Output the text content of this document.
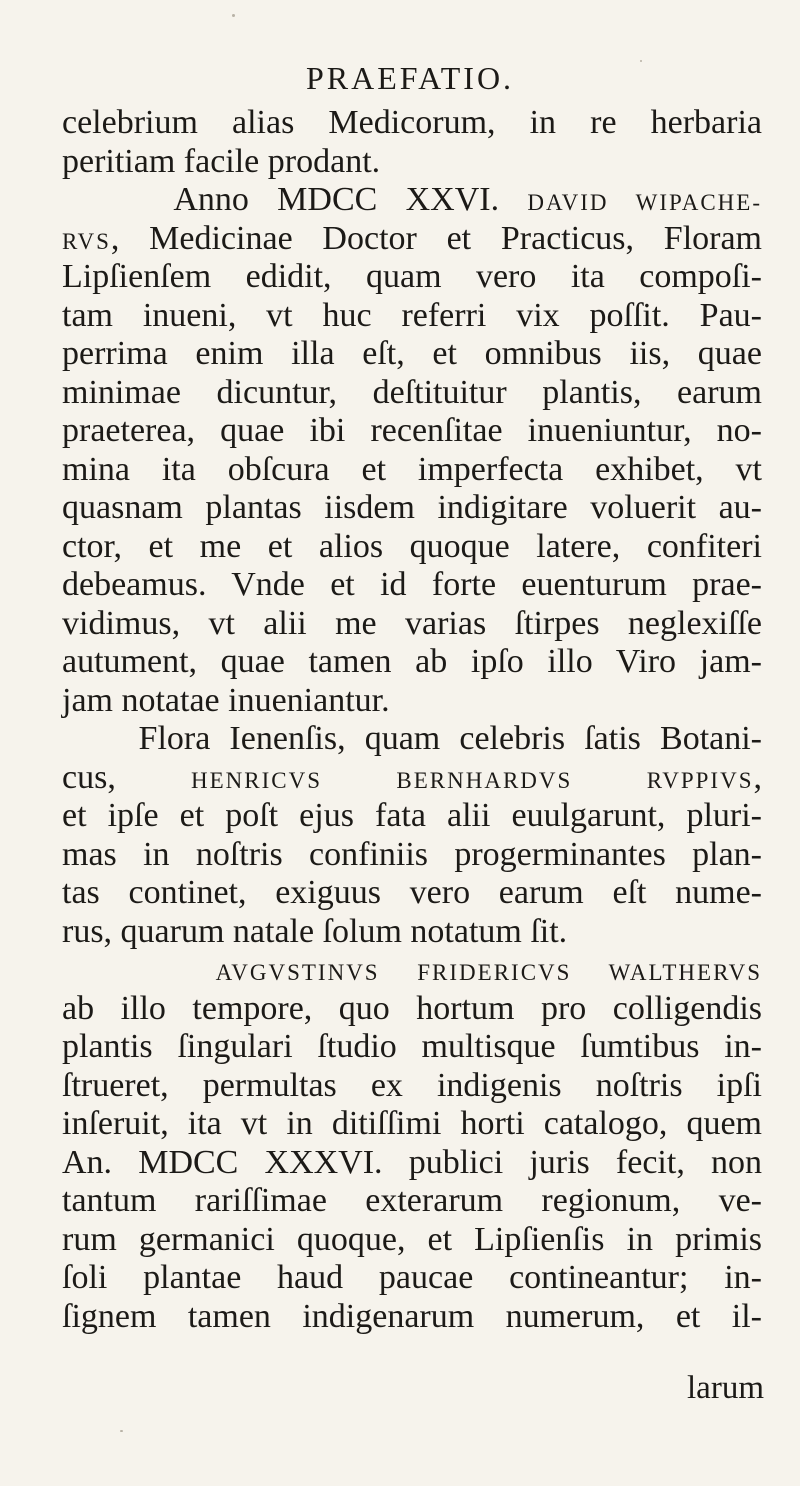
PRAEFATIO.
celebrium alias Medicorum, in re herbaria
peritiam facile prodant.
Anno MDCC XXVI. DAVID WIPACHE-
RVS, Medicinae Doctor et Practicus, Floram
Lipſienſem edidit, quam vero ita compoſi-
tam inueni, vt huc referri vix poſſit. Pau-
perrima enim illa eſt, et omnibus iis, quae
minimae dicuntur, deſtituitur plantis, earum
praeterea, quae ibi recenſitae inueniuntur, no-
mina ita obſcura et imperfecta exhibet, vt
quasnam plantas iisdem indigitare voluerit au-
ctor, et me et alios quoque latere, confiteri
debeamus. Vnde et id forte euenturum prae-
vidimus, vt alii me varias ſtirpes neglexiſſe
autument, quae tamen ab ipſo illo Viro jam-
jam notatae inueniantur.
Flora Ienenſis, quam celebris ſatis Botani-
cus, HENRICVS BERNHARDVS RVPPIVS,
et ipſe et poſt ejus fata alii euulgarunt, pluri-
mas in noſtris confiniis progerminantes plan-
tas continet, exiguus vero earum eſt nume-
rus, quarum natale ſolum notatum ſit.
AVGVSTINVS FRIDERICVS WALTHERVS
ab illo tempore, quo hortum pro colligendis
plantis ſingulari ſtudio multisque ſumtibus in-
ſtrueret, permultas ex indigenis noſtris ipſi
inſeruit, ita vt in ditiſſimi horti catalogo, quem
An. MDCC XXXVI. publici juris fecit, non
tantum rariſſimae exterarum regionum, ve-
rum germanici quoque, et Lipſienſis in primis
ſoli plantae haud paucae contineantur; in-
ſignem tamen indigenarum numerum, et il-
larum
